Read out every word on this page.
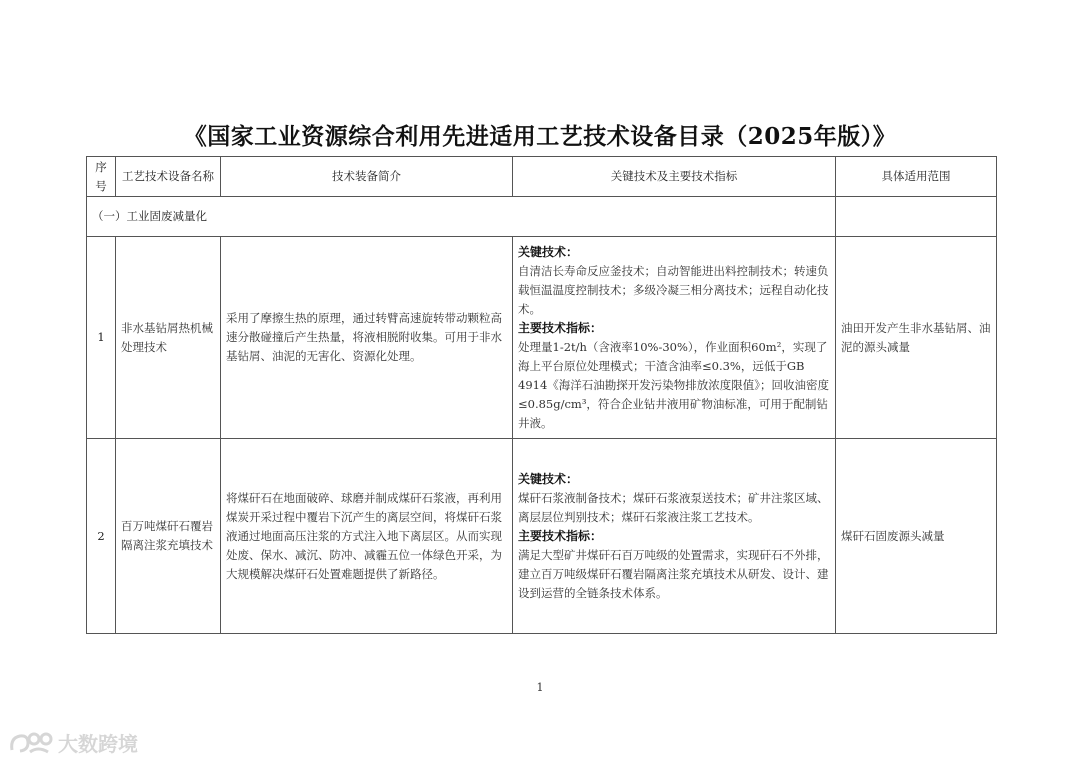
《国家工业资源综合利用先进适用工艺技术设备目录（2025年版）》
序号	工艺技术设备名称	技术装备简介	关键技术及主要技术指标	具体适用范围
（一）工业固废减量化				
1	非水基钻屑热机械处理技术	采用了摩擦生热的原理，通过转臂高速旋转带动颗粒高速分散碰撞后产生热量，将液相脱附收集。可用于非水基钻屑、油泥的无害化、资源化处理。	关键技术：
自清洁长寿命反应釜技术；自动智能进出料控制技术；转速负载恒温温度控制技术；多级冷凝三相分离技术；远程自动化技术。
主要技术指标：
处理量1-2t/h（含液率10%-30%），作业面积60m²，实现了海上平台原位处理模式；干渣含油率≤0.3%，远低于GB 4914《海洋石油勘探开发污染物排放浓度限值》；回收油密度≤0.85g/cm³，符合企业钻井液用矿物油标准，可用于配制钻井液。	油田开发产生非水基钻屑、油泥的源头减量
2	百万吨煤矸石覆岩隔离注浆充填技术	将煤矸石在地面破碎、球磨并制成煤矸石浆液，再利用煤炭开采过程中覆岩下沉产生的离层空间，将煤矸石浆液通过地面高压注浆的方式注入地下离层区。从而实现处废、保水、减沉、防冲、减霾五位一体绿色开采，为大规模解决煤矸石处置难题提供了新路径。	关键技术：
煤矸石浆液制备技术；煤矸石浆液泵送技术；矿井注浆区域、离层层位判别技术；煤矸石浆液注浆工艺技术。
主要技术指标：
满足大型矿井煤矸石百万吨级的处置需求，实现矸石不外排，建立百万吨级煤矸石覆岩隔离注浆充填技术从研发、设计、建设到运营的全链条技术体系。	煤矸石固废源头减量
1
大数跨境
